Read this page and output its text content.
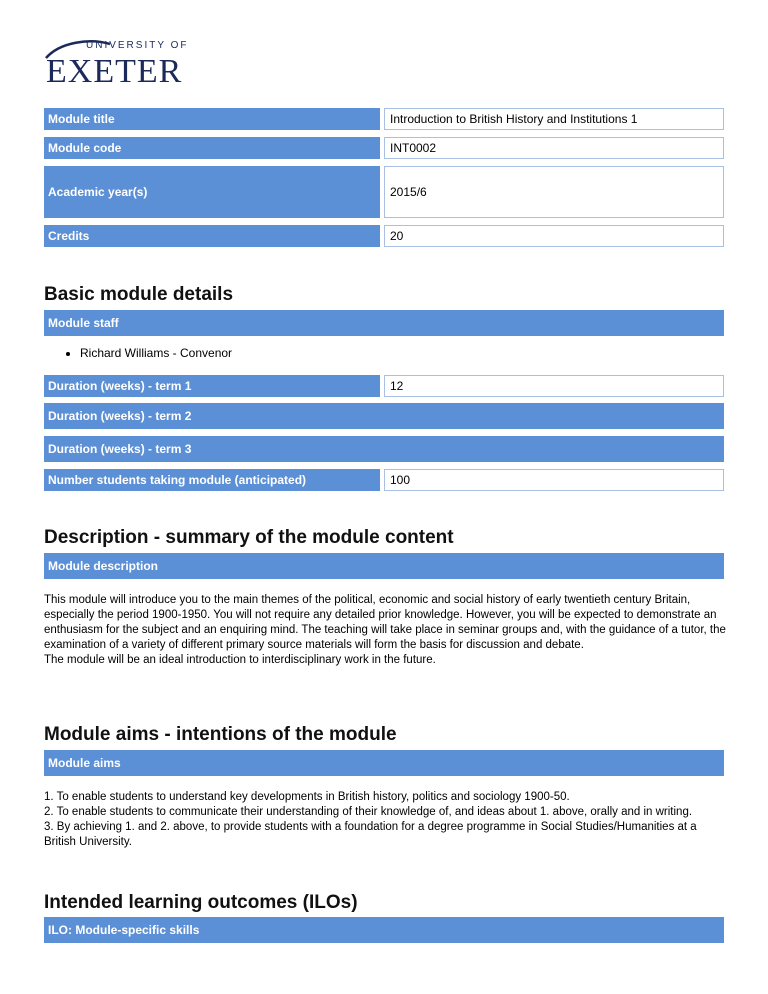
UNIVERSITY OF
EXETER
Module title	Introduction to British History and Institutions 1
Module code	INT0002
Academic year(s)	2015/6
Credits	20
Basic module details
Module staff
• Richard Williams - Convenor
Duration (weeks) - term 1	12
Duration (weeks) - term 2
Duration (weeks) - term 3
Number students taking module (anticipated)	100
Description - summary of the module content
Module description

This module will introduce you to the main themes of the political, economic and social history of early twentieth century Britain, especially the period 1900-1950. You will not require any detailed prior knowledge. However, you will be expected to demonstrate an enthusiasm for the subject and an enquiring mind. The teaching will take place in seminar groups and, with the guidance of a tutor, the examination of a variety of different primary source materials will form the basis for discussion and debate.

The module will be an ideal introduction to interdisciplinary work in the future.

Module aims - intentions of the module
Module aims

1. To enable students to understand key developments in British history, politics and sociology 1900-50.

2. To enable students to communicate their understanding of their knowledge of, and ideas about 1. above, orally and in writing.

3. By achieving 1. and 2. above, to provide students with a foundation for a degree programme in Social Studies/Humanities at a British University.

Intended learning outcomes (ILOs)
ILO: Module-specific skills
